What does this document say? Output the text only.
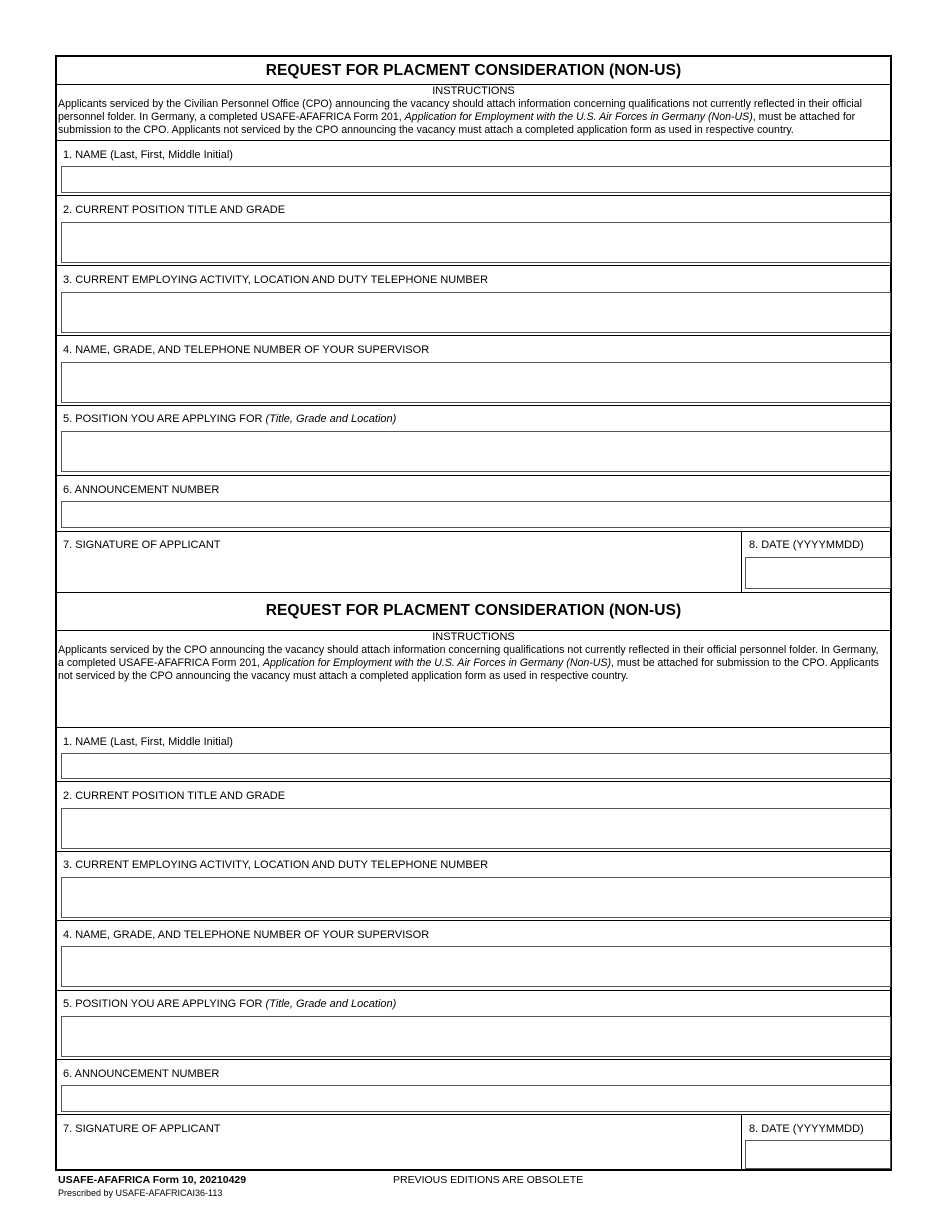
REQUEST FOR PLACMENT CONSIDERATION (NON-US)
INSTRUCTIONS
Applicants serviced by the Civilian Personnel Office (CPO) announcing the vacancy should attach information concerning qualifications not currently reflected in their official personnel folder. In Germany, a completed USAFE-AFAFRICA Form 201, Application for Employment with the U.S. Air Forces in Germany (Non-US), must be attached for submission to the CPO. Applicants not serviced by the CPO announcing the vacancy must attach a completed application form as used in respective country.
1. NAME (Last, First, Middle Initial)
2. CURRENT POSITION TITLE AND GRADE
3. CURRENT EMPLOYING ACTIVITY, LOCATION AND DUTY TELEPHONE NUMBER
4. NAME, GRADE, AND TELEPHONE NUMBER OF YOUR SUPERVISOR
5. POSITION YOU ARE APPLYING FOR (Title, Grade and Location)
6. ANNOUNCEMENT NUMBER
7. SIGNATURE OF APPLICANT	8. DATE (YYYYMMDD)
REQUEST FOR PLACMENT CONSIDERATION (NON-US)
INSTRUCTIONS
Applicants serviced by the CPO announcing the vacancy should attach information concerning qualifications not currently reflected in their official personnel folder. In Germany, a completed USAFE-AFAFRICA Form 201, Application for Employment with the U.S. Air Forces in Germany (Non-US), must be attached for submission to the CPO. Applicants not serviced by the CPO announcing the vacancy must attach a completed application form as used in respective country.
1. NAME (Last, First, Middle Initial)
2. CURRENT POSITION TITLE AND GRADE
3. CURRENT EMPLOYING ACTIVITY, LOCATION AND DUTY TELEPHONE NUMBER
4. NAME, GRADE, AND TELEPHONE NUMBER OF YOUR SUPERVISOR
5. POSITION YOU ARE APPLYING FOR (Title, Grade and Location)
6. ANNOUNCEMENT NUMBER
7. SIGNATURE OF APPLICANT	8. DATE (YYYYMMDD)
USAFE-AFAFRICA Form 10, 20210429
Prescribed by USAFE-AFAFRICAI36-113
PREVIOUS EDITIONS ARE OBSOLETE
